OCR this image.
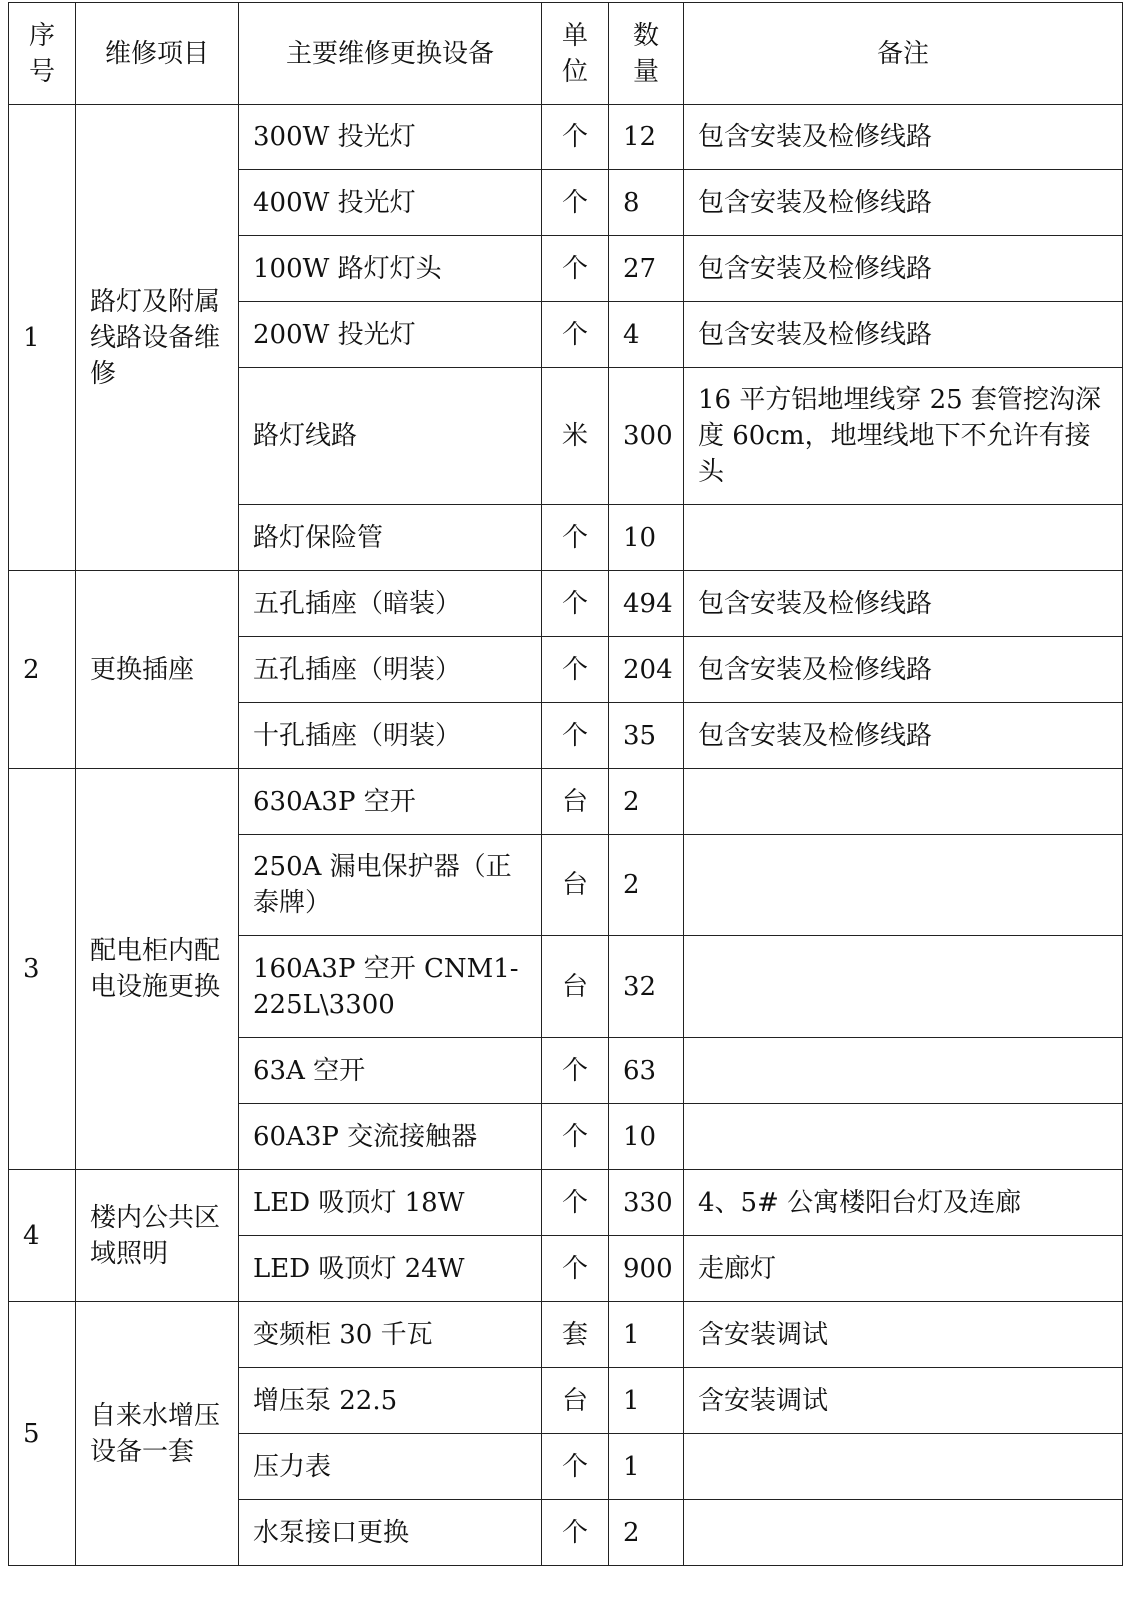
序号	维修项目	主要维修更换设备	单位	数量	备注
1	路灯及附属线路设备维修	300W 投光灯	个	12	包含安装及检修线路
		400W 投光灯	个	8	包含安装及检修线路
		100W 路灯灯头	个	27	包含安装及检修线路
		200W 投光灯	个	4	包含安装及检修线路
		路灯线路	米	300	16 平方铝地埋线穿 25 套管挖沟深度 60cm，地埋线地下不允许有接头
		路灯保险管	个	10	
2	更换插座	五孔插座（暗装）	个	494	包含安装及检修线路
		五孔插座（明装）	个	204	包含安装及检修线路
		十孔插座（明装）	个	35	包含安装及检修线路
3	配电柜内配电设施更换	630A3P 空开	台	2	
		250A 漏电保护器（正泰牌）	台	2	
		160A3P 空开 CNM1- 225L\3300	台	32	
		63A 空开	个	63	
		60A3P 交流接触器	个	10	
4	楼内公共区域照明	LED 吸顶灯 18W	个	330	4、5# 公寓楼阳台灯及连廊
		LED 吸顶灯 24W	个	900	走廊灯
5	自来水增压设备一套	变频柜 30 千瓦	套	1	含安装调试
		增压泵 22.5	台	1	含安装调试
		压力表	个	1	
		水泵接口更换	个	2	
